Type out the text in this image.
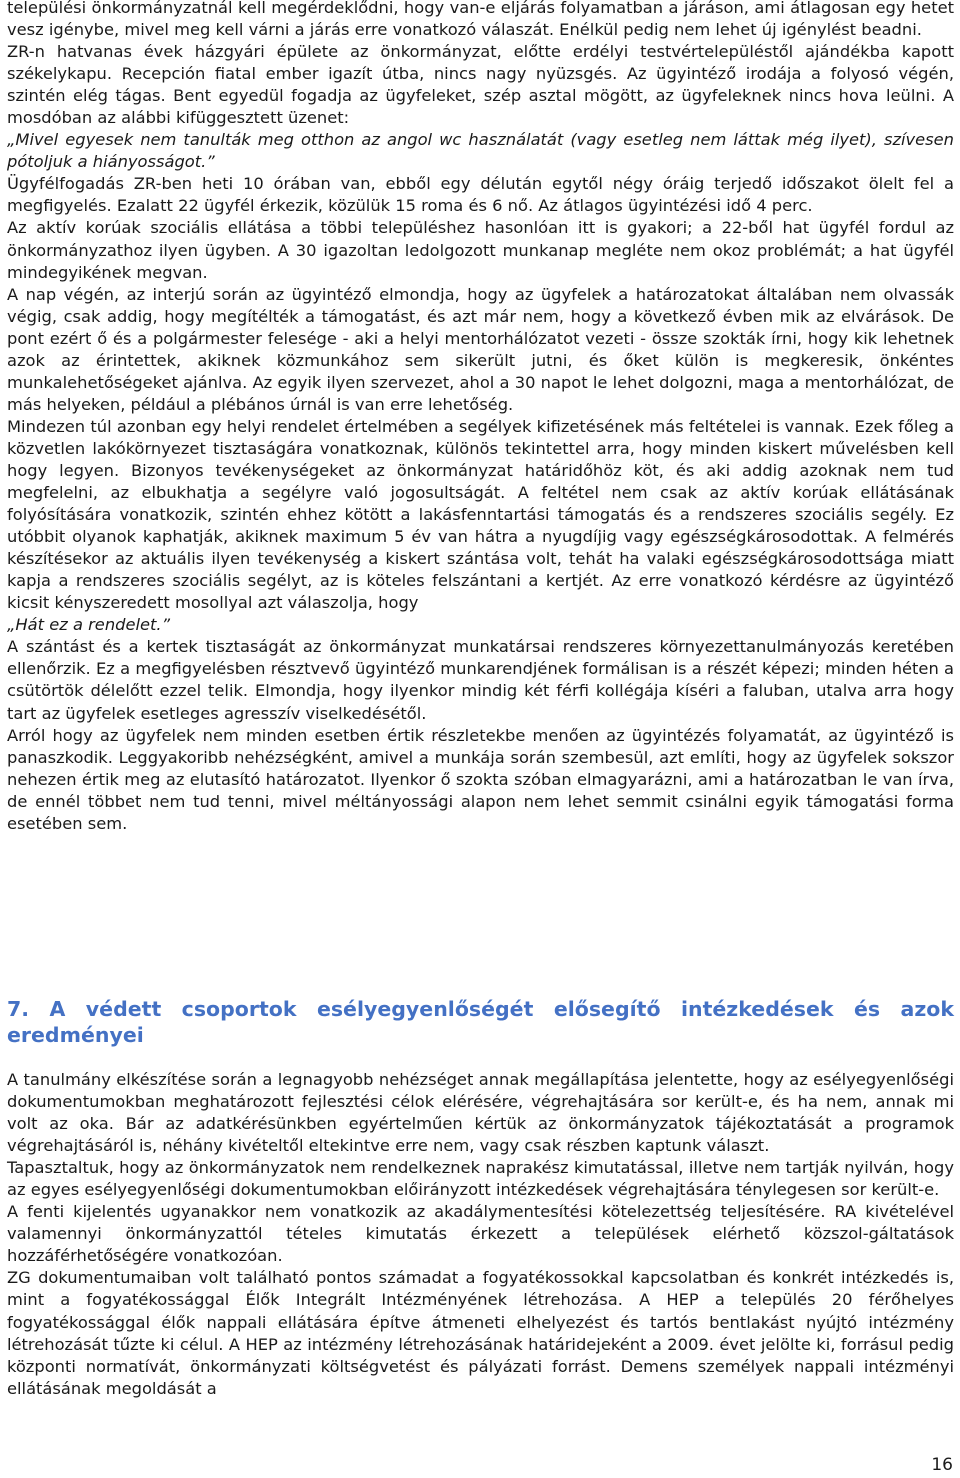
települési önkormányzatnál kell megérdeklődni, hogy van-e eljárás folyamatban a járáson, ami átlagosan egy hetet vesz igénybe, mivel meg kell várni a járás erre vonatkozó válaszát. Enélkül pedig nem lehet új igénylést beadni.

ZR-n hatvanas évek házgyári épülete az önkormányzat, előtte erdélyi testvértelepüléstől ajándékba kapott székelykapu. Recepción fiatal ember igazít útba, nincs nagy nyüzsgés. Az ügyintéző irodája a folyosó végén, szintén elég tágas. Bent egyedül fogadja az ügyfeleket, szép asztal mögött, az ügyfeleknek nincs hova leülni. A mosdóban az alábbi kifüggesztett üzenet:

„Mivel egyesek nem tanulták meg otthon az angol wc használatát (vagy esetleg nem láttak még ilyet), szívesen pótoljuk a hiányosságot.”

Ügyfélfogadás ZR-ben heti 10 órában van, ebből egy délután egytől négy óráig terjedő időszakot ölelt fel a megfigyelés. Ezalatt 22 ügyfél érkezik, közülük 15 roma és 6 nő. Az átlagos ügyintézési idő 4 perc.

Az aktív korúak szociális ellátása a többi településhez hasonlóan itt is gyakori; a 22-ből hat ügyfél fordul az önkormányzathoz ilyen ügyben. A 30 igazoltan ledolgozott munkanap megléte nem okoz problémát; a hat ügyfél mindegyikének megvan.

A nap végén, az interjú során az ügyintéző elmondja, hogy az ügyfelek a határozatokat általában nem olvassák végig, csak addig, hogy megítélték a támogatást, és azt már nem, hogy a következő évben mik az elvárások. De pont ezért ő és a polgármester felesége - aki a helyi mentorhálózatot vezeti - össze szokták írni, hogy kik lehetnek azok az érintettek, akiknek közmunkához sem sikerült jutni, és őket külön is megkeresik, önkéntes munkalehetőségeket ajánlva. Az egyik ilyen szervezet, ahol a 30 napot le lehet dolgozni, maga a mentorhálózat, de más helyeken, például a plébános úrnál is van erre lehetőség.

Mindezen túl azonban egy helyi rendelet értelmében a segélyek kifizetésének más feltételei is vannak. Ezek főleg a közvetlen lakókörnyezet tisztaságára vonatkoznak, különös tekintettel arra, hogy minden kiskert művelésben kell hogy legyen. Bizonyos tevékenységeket az önkormányzat határidőhöz köt, és aki addig azoknak nem tud megfelelni, az elbukhatja a segélyre való jogosultságát. A feltétel nem csak az aktív korúak ellátásának folyósítására vonatkozik, szintén ehhez kötött a lakásfenntartási támogatás és a rendszeres szociális segély. Ez utóbbit olyanok kaphatják, akiknek maximum 5 év van hátra a nyugdíjig vagy egészségkárosodottak. A felmérés készítésekor az aktuális ilyen tevékenység a kiskert szántása volt, tehát ha valaki egészségkárosodottsága miatt kapja a rendszeres szociális segélyt, az is köteles felszántani a kertjét. Az erre vonatkozó kérdésre az ügyintéző kicsit kényszeredett mosollyal azt válaszolja, hogy

„Hát ez a rendelet.”

A szántást és a kertek tisztaságát az önkormányzat munkatársai rendszeres környezettanulmányozás keretében ellenőrzik. Ez a megfigyelésben résztvevő ügyintéző munkarendjének formálisan is a részét képezi; minden héten a csütörtök délelőtt ezzel telik. Elmondja, hogy ilyenkor mindig két férfi kollégája kíséri a faluban, utalva arra hogy tart az ügyfelek esetleges agresszív viselkedésétől.

Arról hogy az ügyfelek nem minden esetben értik részletekbe menően az ügyintézés folyamatát, az ügyintéző is panaszkodik. Leggyakoribb nehézségként, amivel a munkája során szembesül, azt említi, hogy az ügyfelek sokszor nehezen értik meg az elutasító határozatot. Ilyenkor ő szokta szóban elmagyarázni, ami a határozatban le van írva, de ennél többet nem tud tenni, mivel méltányossági alapon nem lehet semmit csinálni egyik támogatási forma esetében sem.

7. A védett csoportok esélyegyenlőségét elősegítő intézkedések és azok eredményei

A tanulmány elkészítése során a legnagyobb nehézséget annak megállapítása jelentette, hogy az esélyegyenlőségi dokumentumokban meghatározott fejlesztési célok elérésére, végrehajtására sor került-e, és ha nem, annak mi volt az oka. Bár az adatkérésünkben egyértelműen kértük az önkormányzatok tájékoztatását a programok végrehajtásáról is, néhány kivételtől eltekintve erre nem, vagy csak részben kaptunk választ.

Tapasztaltuk, hogy az önkormányzatok nem rendelkeznek naprakész kimutatással, illetve nem tartják nyilván, hogy az egyes esélyegyenlőségi dokumentumokban előirányzott intézkedések végrehajtására ténylegesen sor került-e.

A fenti kijelentés ugyanakkor nem vonatkozik az akadálymentesítési kötelezettség teljesítésére. RA kivételével valamennyi önkormányzattól tételes kimutatás érkezett a települések elérhető közszol-gáltatások hozzáférhetőségére vonatkozóan.

ZG dokumentumaiban volt található pontos számadat a fogyatékossokkal kapcsolatban és konkrét intézkedés is, mint a fogyatékossággal Élők Integrált Intézményének létrehozása. A HEP a település 20 férőhelyes fogyatékossággal élők nappali ellátására építve átmeneti elhelyezést és tartós bentlakást nyújtó intézmény létrehozását tűzte ki célul. A HEP az intézmény létrehozásának határidejeként a 2009. évet jelölte ki, forrásul pedig központi normatívát, önkormányzati költségvetést és pályázati forrást. Demens személyek nappali intézményi ellátásának megoldását a

16
